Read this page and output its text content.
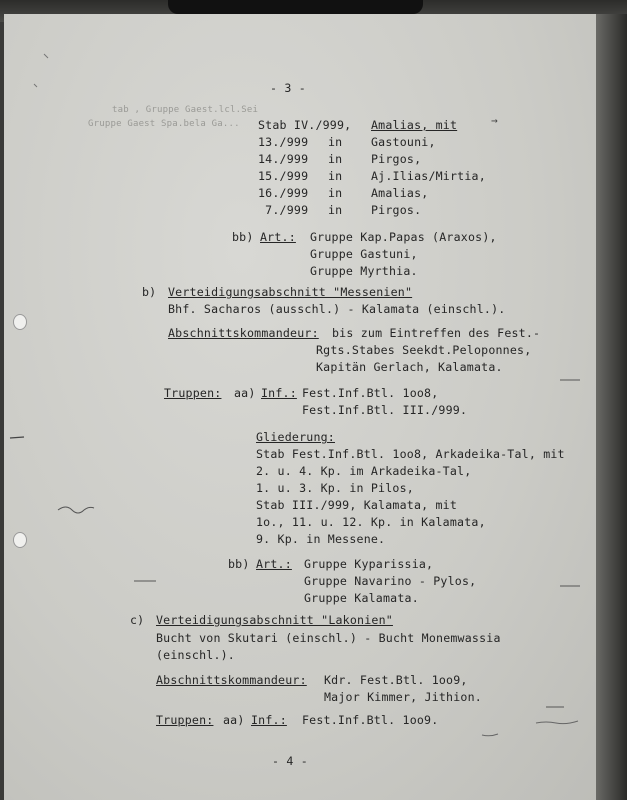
- 3 -
tab , Gruppe Gaest.lcl.Sei
Gruppe Gaest Spa.bela Ga... Stab IV./999, Amalias, mit	→
13./999 in Gastouni,
14./999 in Pirgos,
15./999 in Aj.Ilias/Mirtia,
16./999 in Amalias,
7./999 in Pirgos.
bb) Art.: Gruppe Kap.Papas (Araxos),
Gruppe Gastuni,
Gruppe Myrthia.
b) Verteidigungsabschnitt "Messenien"
Bhf. Sacharos (ausschl.) - Kalamata (einschl.).
Abschnittskommandeur: bis zum Eintreffen des Fest.-
Rgts.Stabes Seekdt.Peloponnes,
Kapitän Gerlach, Kalamata.
Truppen: aa) Inf.: Fest.Inf.Btl. 1oo8,
Fest.Inf.Btl. III./999.
Gliederung:
Stab Fest.Inf.Btl. 1oo8, Arkadeika-Tal, mit
2. u. 4. Kp. im Arkadeika-Tal,
1. u. 3. Kp. in Pilos,
Stab III./999, Kalamata, mit
1o., 11. u. 12. Kp. in Kalamata,
9. Kp. in Messene.
bb) Art.: Gruppe Kyparissia,
Gruppe Navarino - Pylos,
Gruppe Kalamata.
c) Verteidigungsabschnitt "Lakonien"
Bucht von Skutari (einschl.) - Bucht Monemwassia
(einschl.).
Abschnittskommandeur: Kdr. Fest.Btl. 1oo9,
Major Kimmer, Jithion.
Truppen: aa) Inf.: Fest.Inf.Btl. 1oo9.
- 4 -
